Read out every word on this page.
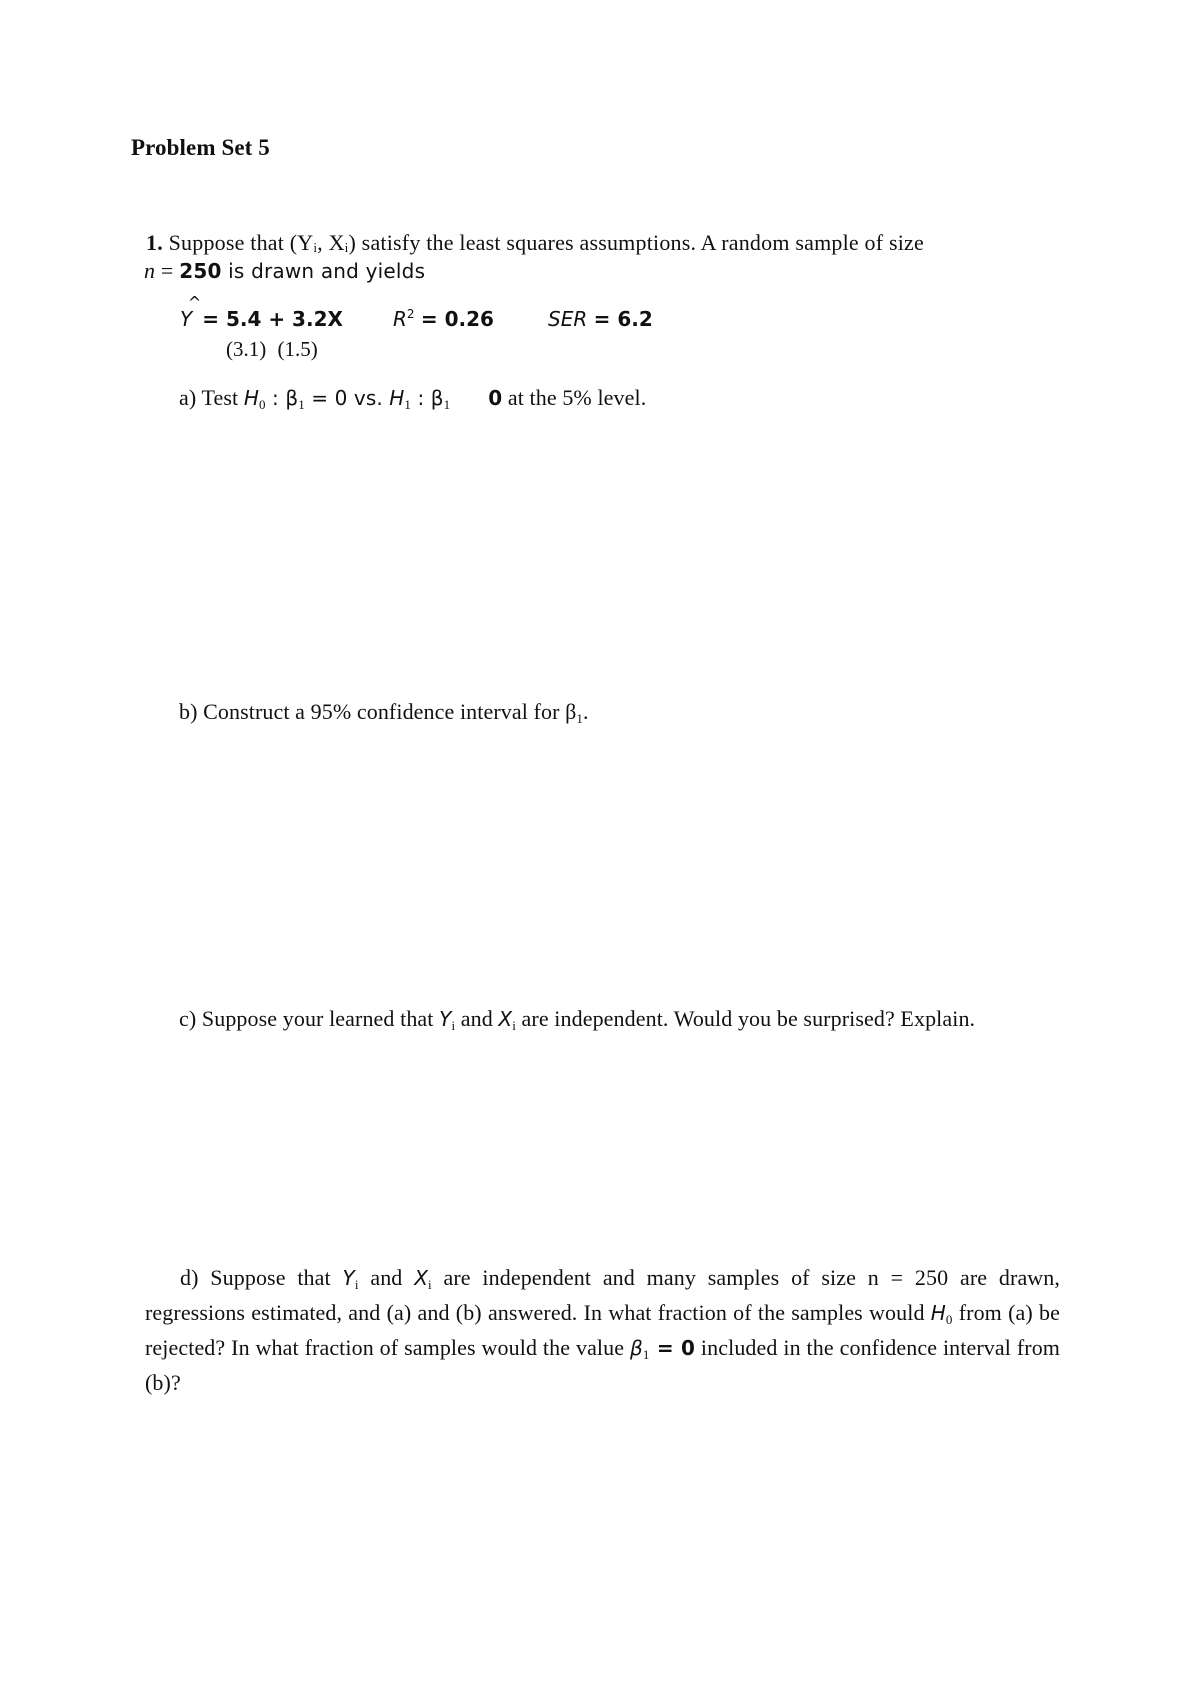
Problem Set 5
1. Suppose that (Yᵢ, Xᵢ) satisfy the least squares assumptions. A random sample of size
n = 250 is drawn and yields
Y
^
= 5.4 + 3.2X	$R^2 = 0.26$	SER = 6.2
(3.1) (1.5)
a) Test $H_0$ : $\beta_1 = 0$ vs. $H_1$ : $\beta_1$ 0 at the 5% level.
b) Construct a 95% confidence interval for $\beta_1$.
c) Suppose your learned that $Y_i$ and $X_i$ are independent. Would you be surprised? Explain.
d) Suppose that $Y_i$ and $X_i$ are independent and many samples of size n = 250 are drawn, regressions estimated, and (a) and (b) answered. In what fraction of the samples would $H_0$ from (a) be rejected? In what fraction of samples would the value $\beta_1 = 0$ included in the confidence interval from (b)?
